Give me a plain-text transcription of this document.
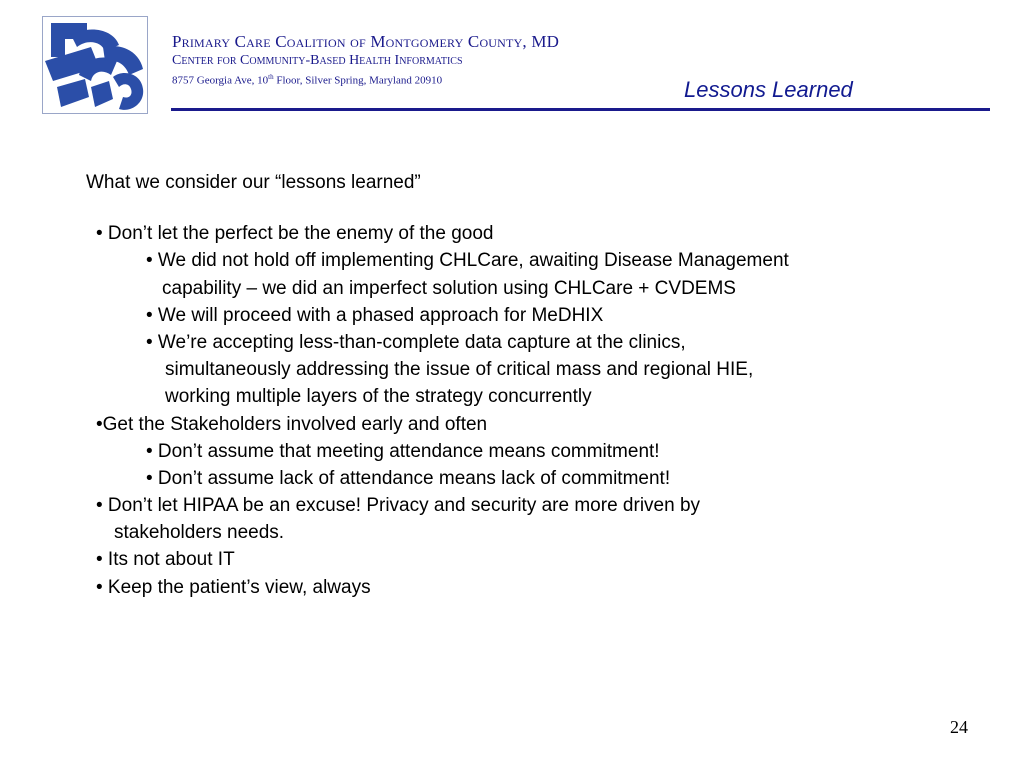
Primary Care Coalition of Montgomery County, MD
Center for Community-Based Health Informatics
8757 Georgia Ave, 10th Floor, Silver Spring, Maryland 20910	Lessons Learned
What we consider our “lessons learned”
• Don’t let the perfect be the enemy of the good
• We did not hold off implementing CHLCare, awaiting Disease Management
capability – we did an imperfect solution using CHLCare + CVDEMS
• We will proceed with a phased approach for MeDHIX
• We’re accepting less-than-complete data capture at the clinics,
simultaneously addressing the issue of critical mass and regional HIE,
working multiple layers of the strategy concurrently
•Get the Stakeholders involved early and often
• Don’t assume that meeting attendance means commitment!
• Don’t assume lack of attendance means lack of commitment!
• Don’t let HIPAA be an excuse! Privacy and security are more driven by
stakeholders needs.
• Its not about IT
• Keep the patient’s view, always
24
